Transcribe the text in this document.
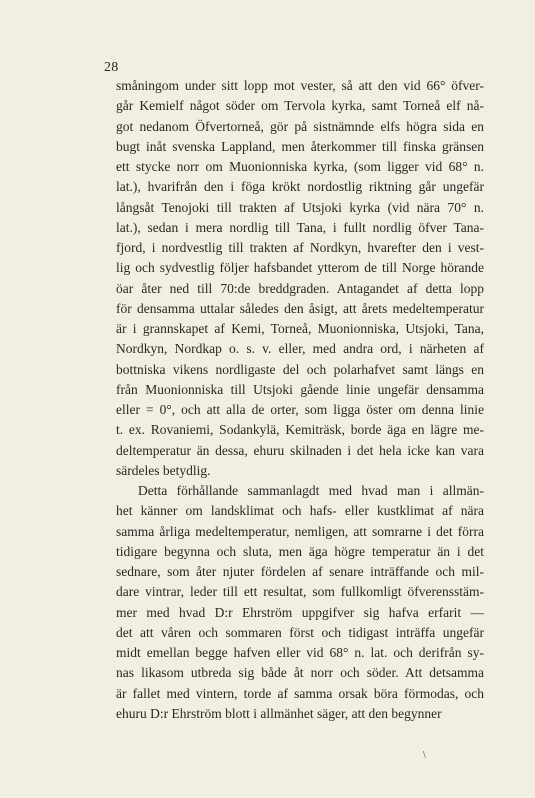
28
småningom under sitt lopp mot vester, så att den vid 66° öfver-
går Kemielf något söder om Tervola kyrka, samt Torneå elf nå-
got nedanom Öfvertorneå, gör på sistnämnde elfs högra sida en
bugt inåt svenska Lappland, men återkommer till finska gränsen
ett stycke norr om Muonionniska kyrka, (som ligger vid 68° n.
lat.), hvarifrån den i föga krökt nordostlig riktning går ungefär
långsåt Tenojoki till trakten af Utsjoki kyrka (vid nära 70° n.
lat.), sedan i mera nordlig till Tana, i fullt nordlig öfver Tana-
fjord, i nordvestlig till trakten af Nordkyn, hvarefter den i vest-
lig och sydvestlig följer hafsbandet ytterom de till Norge hörande
öar åter ned till 70:de breddgraden. Antagandet af detta lopp
för densamma uttalar således den åsigt, att årets medeltemperatur
är i grannskapet af Kemi, Torneå, Muonionniska, Utsjoki, Tana,
Nordkyn, Nordkap o. s. v. eller, med andra ord, i närheten af
bottniska vikens nordligaste del och polarhafvet samt längs en
från Muonionniska till Utsjoki gående linie ungefär densamma
eller = 0°, och att alla de orter, som ligga öster om denna linie
t. ex. Rovaniemi, Sodankylä, Kemiträsk, borde äga en lägre me-
deltemperatur än dessa, ehuru skilnaden i det hela icke kan vara
särdeles betydlig.
Detta förhållande sammanlagdt med hvad man i allmän-
het känner om landsklimat och hafs- eller kustklimat af nära
samma årliga medeltemperatur, nemligen, att somrarne i det förra
tidigare begynna och sluta, men äga högre temperatur än i det
sednare, som åter njuter fördelen af senare inträffande och mil-
dare vintrar, leder till ett resultat, som fullkomligt öfverensstäm-
mer med hvad D:r Ehrström uppgifver sig hafva erfarit —
det att våren och sommaren först och tidigast inträffa ungefär
midt emellan begge hafven eller vid 68° n. lat. och derifrån sy-
nas likasom utbreda sig både åt norr och söder. Att detsamma
är fallet med vintern, torde af samma orsak böra förmodas, och
ehuru D:r Ehrström blott i allmänhet säger, att den begynner
\
